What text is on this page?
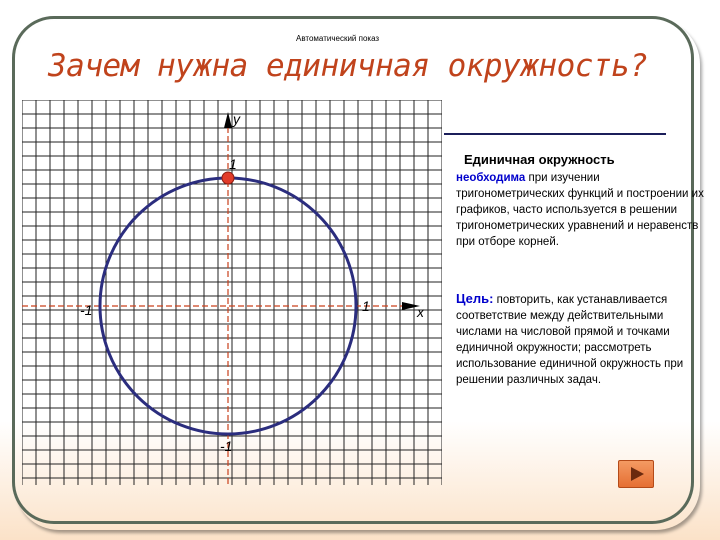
Автоматический показ
Зачем нужна единичная окружность?
y
x
1
-1
-1	1
Единичная окружность
необходима при изучении тригонометрических функций и построении их графиков, часто используется в решении тригонометрических уравнений и неравенств при отборе корней.
Цель: повторить, как устанавливается соответствие между действительными числами на числовой прямой и точками единичной окружности; рассмотреть использование единичной окружность при решении различных задач.
